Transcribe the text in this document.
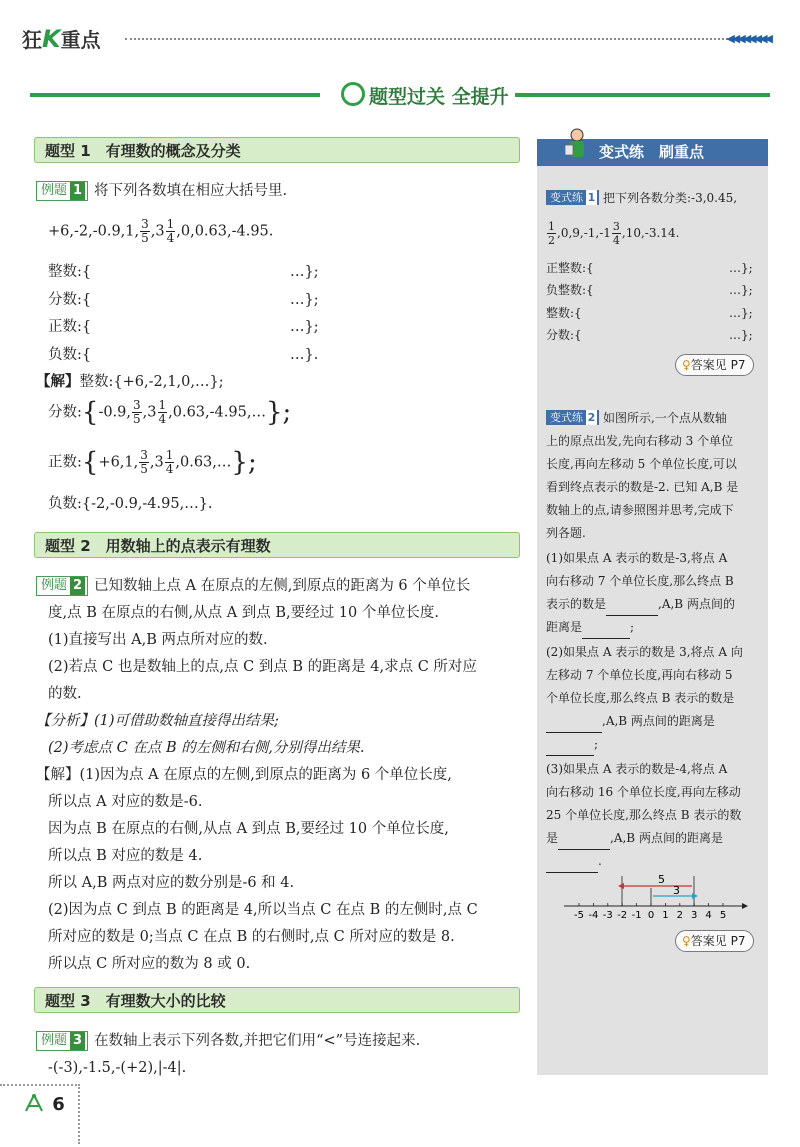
狂K重点	◀◀◀◀◀◀◀◀
题型过关 全提升
题型 1　有理数的概念及分类
例题 1 将下列各数填在相应大括号里.
+6,-2,-0.9,1, $\frac{3}{5} ,3 \frac{1}{4} ,0,0.63,-4.95$.
整数:{	…};
分数:{	…};
正数:{	…};
负数:{	…}.
【解】整数:{+6,-2,1,0,…};
分数:{-0.9, $\frac{3}{5} ,3 \frac{1}{4}$ ,0.63,-4.95,…};
正数:{+6,1, $\frac{3}{5} ,3 \frac{1}{4}$ ,0.63,…};
负数:{-2,-0.9,-4.95,…}.
题型 2　用数轴上的点表示有理数
例题 2 已知数轴上点 A 在原点的左侧,到原点的距离为 6 个单位长
度,点 B 在原点的右侧,从点 A 到点 B,要经过 10 个单位长度.
(1)直接写出 A,B 两点所对应的数.
(2)若点 C 也是数轴上的点,点 C 到点 B 的距离是 4,求点 C 所对应
的数.
【分析】(1)可借助数轴直接得出结果;
(2)考虑点 C 在点 B 的左侧和右侧,分别得出结果.
【解】(1)因为点 A 在原点的左侧,到原点的距离为 6 个单位长度,
所以点 A 对应的数是-6.
因为点 B 在原点的右侧,从点 A 到点 B,要经过 10 个单位长度,
所以点 B 对应的数是 4.
所以 A,B 两点对应的数分别是-6 和 4.
(2)因为点 C 到点 B 的距离是 4,所以当点 C 在点 B 的左侧时,点 C
所对应的数是 0;当点 C 在点 B 的右侧时,点 C 所对应的数是 8.
所以点 C 所对应的数为 8 或 0.
题型 3　有理数大小的比较
例题 3 在数轴上表示下列各数,并把它们用“<”号连接起来.
-(-3),-1.5,-(+2),|-4|.
变式练　刷重点
变式练 1 把下列各数分类:-3,0.45,
$\frac{1}{2} ,0,9,-1,-1 \frac{3}{4} ,10,-3.14$.
正整数:{	…};
负整数:{	…};
整数:{	…};
分数:{	…};
♀答案见 P7
变式练 2 如图所示,一个点从数轴
上的原点出发,先向右移动 3 个单位
长度,再向左移动 5 个单位长度,可以
看到终点表示的数是-2. 已知 A,B 是
数轴上的点,请参照图并思考,完成下
列各题.
(1)如果点 A 表示的数是-3,将点 A
向右移动 7 个单位长度,那么终点 B
表示的数是	,A,B 两点间的
距离是	;
(2)如果点 A 表示的数是 3,将点 A 向
左移动 7 个单位长度,再向右移动 5
个单位长度,那么终点 B 表示的数是
,A,B 两点间的距离是
;
(3)如果点 A 表示的数是-4,将点 A
向右移动 16 个单位长度,再向左移动
25 个单位长度,那么终点 B 表示的数
是	,A,B 两点间的距离是
.
-5 -4 -3 -2 -1 0 1 2 3 4 5
5
3
♀答案见 P7
6
